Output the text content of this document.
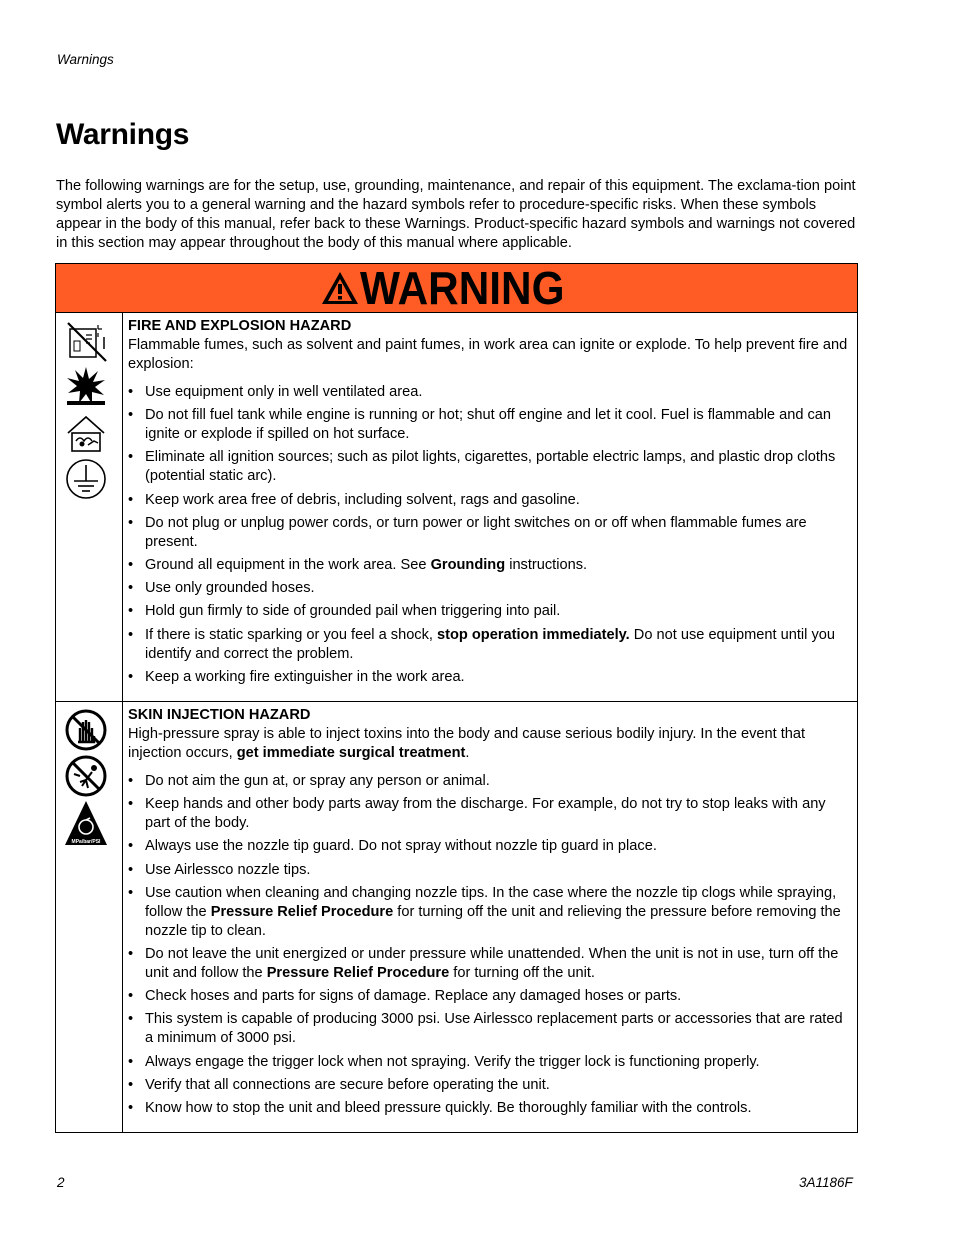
Warnings
Warnings

The following warnings are for the setup, use, grounding, maintenance, and repair of this equipment. The exclama-tion point symbol alerts you to a general warning and the hazard symbols refer to procedure-specific risks. When these symbols appear in the body of this manual, refer back to these Warnings. Product-specific hazard symbols and warnings not covered in this section may appear throughout the body of this manual where applicable.

WARNING

FIRE AND EXPLOSION HAZARD

Flammable fumes, such as solvent and paint fumes, in work area can ignite or explode. To help prevent fire and explosion:

• Use equipment only in well ventilated area.
• Do not fill fuel tank while engine is running or hot; shut off engine and let it cool. Fuel is flammable and can ignite or explode if spilled on hot surface.
• Eliminate all ignition sources; such as pilot lights, cigarettes, portable electric lamps, and plastic drop cloths (potential static arc).
• Keep work area free of debris, including solvent, rags and gasoline.
• Do not plug or unplug power cords, or turn power or light switches on or off when flammable fumes are present.
• Ground all equipment in the work area. See Grounding instructions.
• Use only grounded hoses.
• Hold gun firmly to side of grounded pail when triggering into pail.
• If there is static sparking or you feel a shock, stop operation immediately. Do not use equipment until you identify and correct the problem.
• Keep a working fire extinguisher in the work area.
MPa/bar/PSI

SKIN INJECTION HAZARD

High-pressure spray is able to inject toxins into the body and cause serious bodily injury. In the event that injection occurs, get immediate surgical treatment.

• Do not aim the gun at, or spray any person or animal.
• Keep hands and other body parts away from the discharge. For example, do not try to stop leaks with any part of the body.
• Always use the nozzle tip guard. Do not spray without nozzle tip guard in place.
• Use Airlessco nozzle tips.
• Use caution when cleaning and changing nozzle tips. In the case where the nozzle tip clogs while spraying, follow the Pressure Relief Procedure for turning off the unit and relieving the pressure before removing the nozzle tip to clean.
• Do not leave the unit energized or under pressure while unattended. When the unit is not in use, turn off the unit and follow the Pressure Relief Procedure for turning off the unit.
• Check hoses and parts for signs of damage. Replace any damaged hoses or parts.
• This system is capable of producing 3000 psi. Use Airlessco replacement parts or accessories that are rated a minimum of 3000 psi.
• Always engage the trigger lock when not spraying. Verify the trigger lock is functioning properly.
• Verify that all connections are secure before operating the unit.
• Know how to stop the unit and bleed pressure quickly. Be thoroughly familiar with the controls.
2	3A1186F
